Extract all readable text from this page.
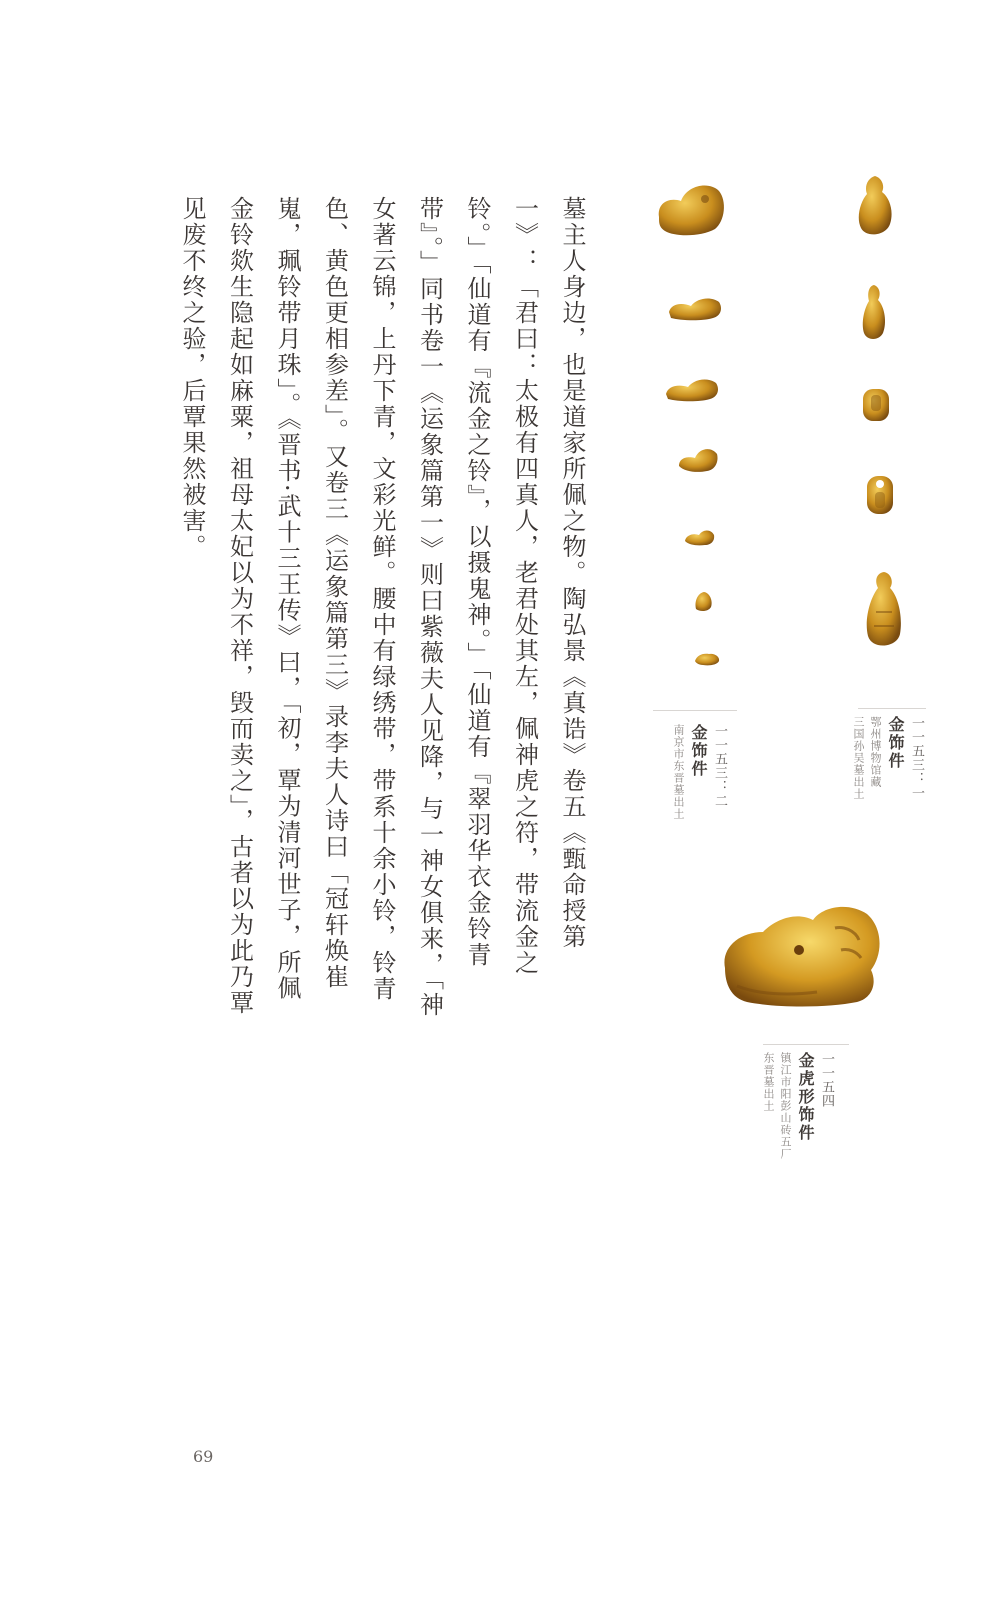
墓主人身边，也是道家所佩之物。陶弘景《真诰》卷五《甄命授第一》：「君曰：太极有四真人，老君处其左，佩神虎之符，带流金之铃。」「仙道有『流金之铃』，以摄鬼神。」「仙道有『翠羽华衣金铃青带』。」同书卷一《运象篇第一》则曰紫薇夫人见降，与一神女俱来，「神女著云锦，上丹下青，文彩光鲜。腰中有绿绣带，带系十余小铃，铃青色、黄色更相参差」。又卷三《运象篇第三》录李夫人诗曰「冠轩焕崔嵬，珮铃带月珠」。《晋书·武十三王传》曰，「初，覃为清河世子，所佩金铃欻生隐起如麻粟，祖母太妃以为不祥，毁而卖之」，古者以为此乃覃见废不终之验，后覃果然被害。

一一五三：一
金饰件
鄂州博物馆藏
三国孙吴墓出土
一一五三：二
金饰件
南京市东晋墓出土
一一五四
金虎形饰件
镇江市阳彭山砖五厂
东晋墓出土
69
